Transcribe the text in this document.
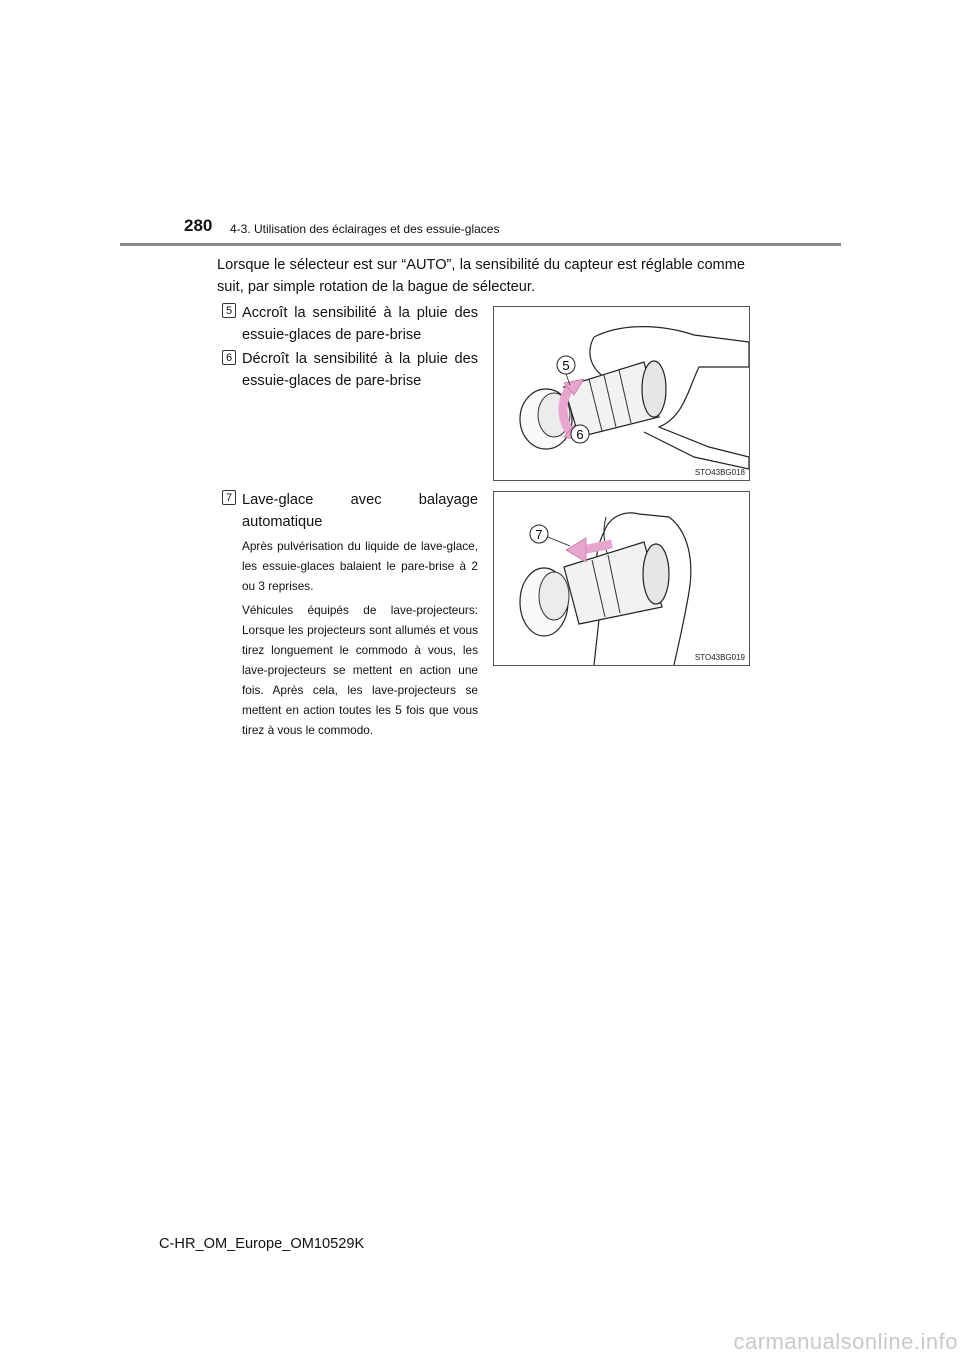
280 4-3. Utilisation des éclairages et des essuie-glaces
Lorsque le sélecteur est sur “AUTO”, la sensibilité du capteur est réglable comme suit, par simple rotation de la bague de sélecteur.
5 Accroît la sensibilité à la pluie des essuie-glaces de pare-brise
6 Décroît la sensibilité à la pluie des essuie-glaces de pare-brise
7 Lave-glace avec balayage automatique
Après pulvérisation du liquide de lave-glace, les essuie-glaces balaient le pare-brise à 2 ou 3 reprises.
Véhicules équipés de lave-projecteurs: Lorsque les projecteurs sont allumés et vous tirez longuement le commodo à vous, les lave-projecteurs se mettent en action une fois. Après cela, les lave-projecteurs se mettent en action toutes les 5 fois que vous tirez à vous le commodo.
5
6
STO43BG018
7
STO43BG019
C-HR_OM_Europe_OM10529K
carmanualsonline.info
